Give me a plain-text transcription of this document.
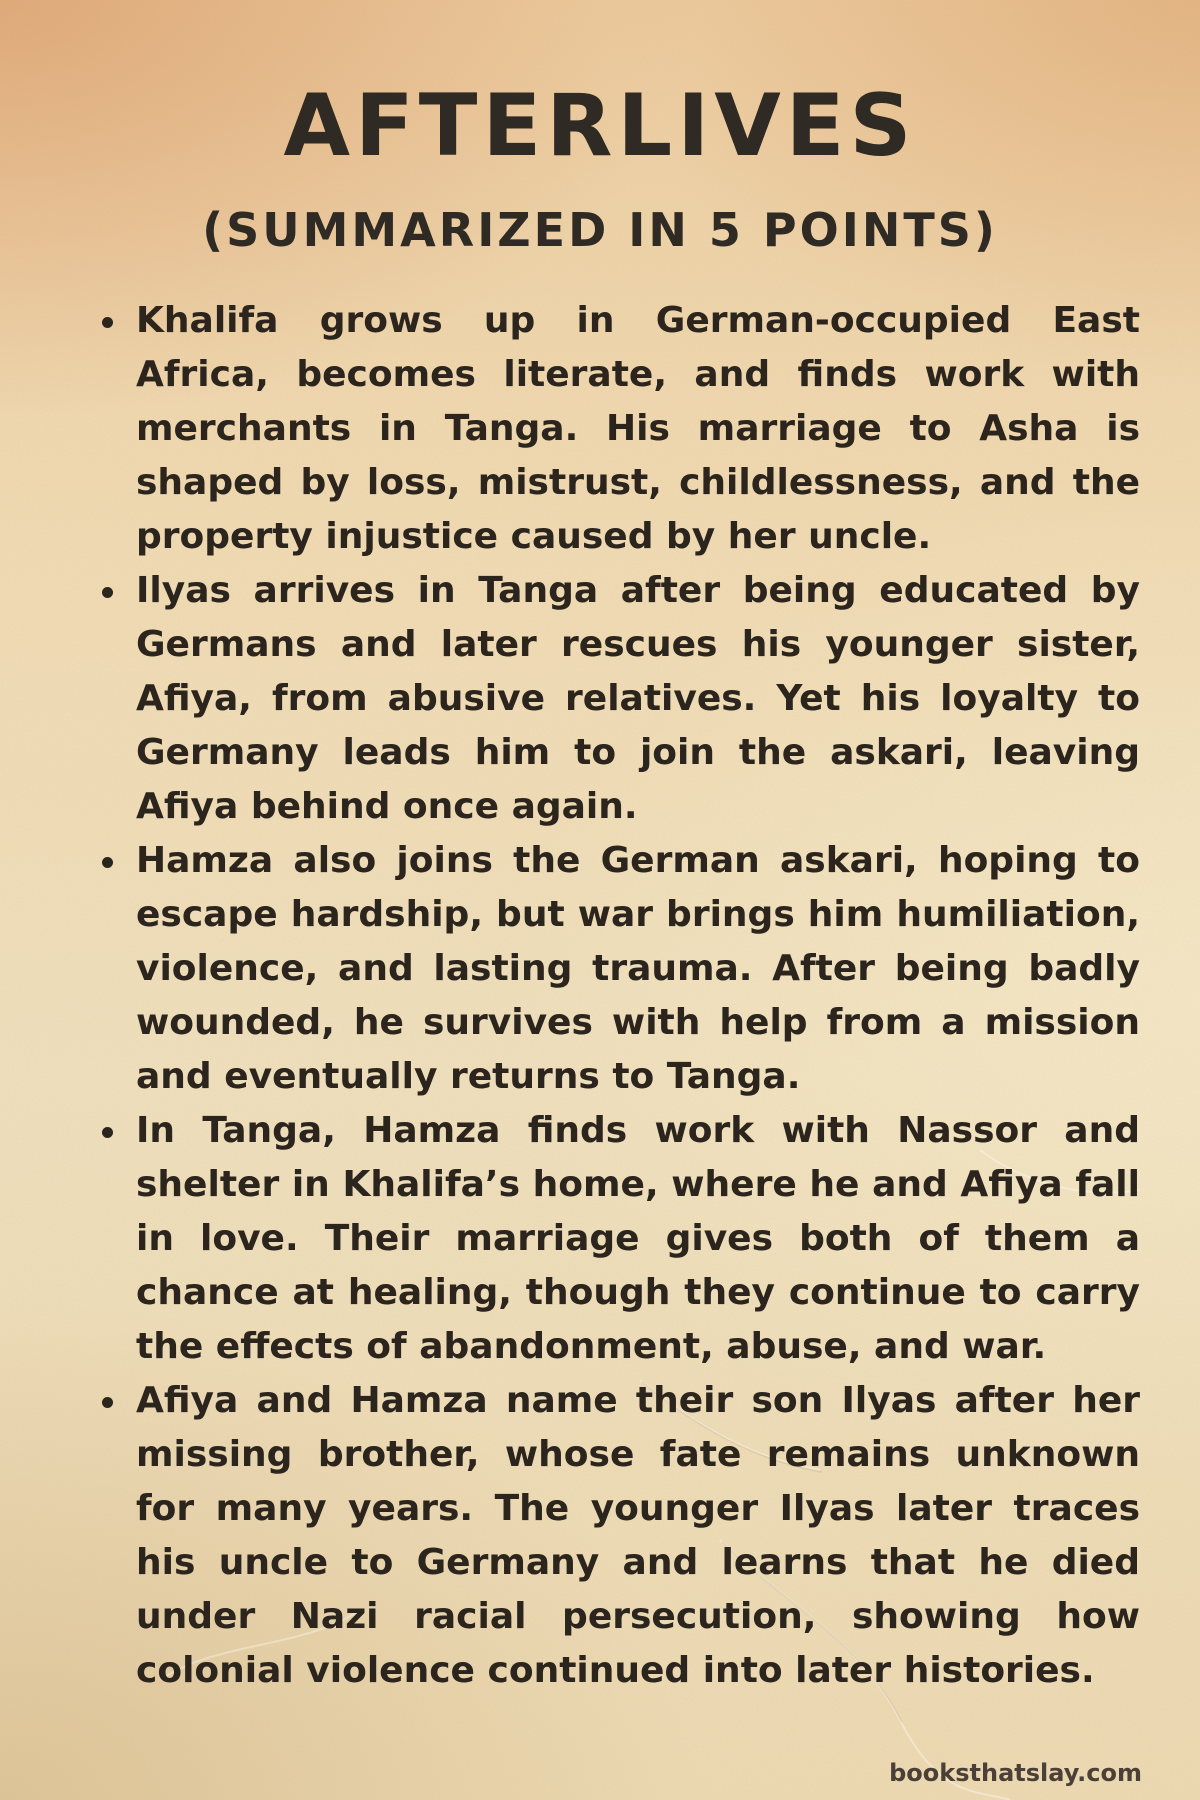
AFTERLIVES
(SUMMARIZED IN 5 POINTS)
Khalifa grows up in German-occupied East Africa, becomes literate, and finds work with merchants in Tanga. His marriage to Asha is shaped by loss, mistrust, childlessness, and the property injustice caused by her uncle.
Ilyas arrives in Tanga after being educated by Germans and later rescues his younger sister, Afiya, from abusive relatives. Yet his loyalty to Germany leads him to join the askari, leaving Afiya behind once again.
Hamza also joins the German askari, hoping to escape hardship, but war brings him humiliation, violence, and lasting trauma. After being badly wounded, he survives with help from a mission and eventually returns to Tanga.
In Tanga, Hamza finds work with Nassor and shelter in Khalifa’s home, where he and Afiya fall in love. Their marriage gives both of them a chance at healing, though they continue to carry the effects of abandonment, abuse, and war.
Afiya and Hamza name their son Ilyas after her missing brother, whose fate remains unknown for many years. The younger Ilyas later traces his uncle to Germany and learns that he died under Nazi racial persecution, showing how colonial violence continued into later histories.
booksthatslay.com
